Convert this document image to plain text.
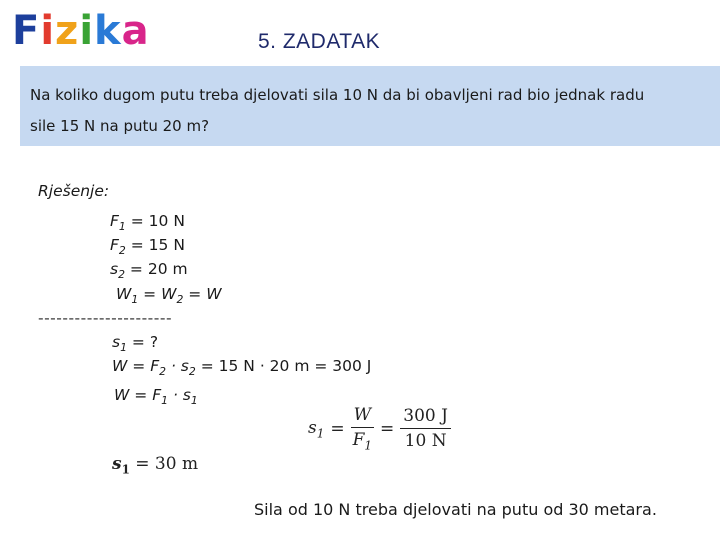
F i z i k a	5. ZADATAK
Na koliko dugom putu treba djelovati sila 10 N da bi obavljeni rad bio jednak radu
sile 15 N na putu 20 m?
Rješenje:
$F_1 = 10$ N
$F_2 = 15$ N
$s_2 = 20$ m
$W_1 = W_2 = W$
----------------------
$s_1$ = ?
$W = F_2 \cdot s_2 = 15$ N · 20 m = 300 J
$W = F_1 \cdot s_1$
$s_1 = \frac{W}{F_1} = \frac{300 J}{10 N}$
$s_1 = 30$ m
Sila od 10 N treba djelovati na putu od 30 metara.
